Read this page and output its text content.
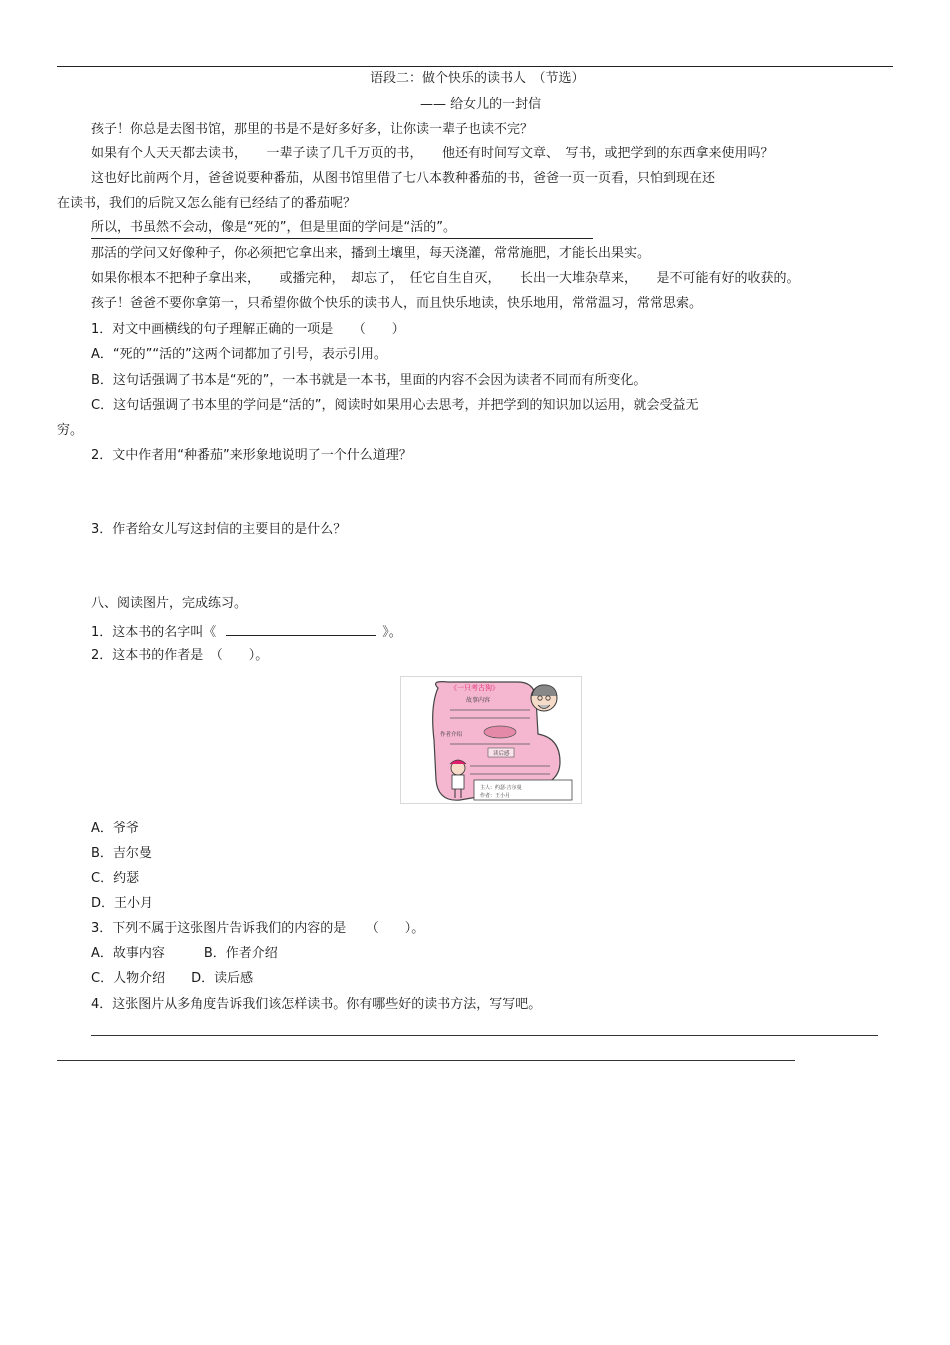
语段二：做个快乐的读书人　（节选）
—— 给女儿的一封信
孩子！你总是去图书馆，那里的书是不是好多好多，让你读一辈子也读不完？
如果有个人天天都去读书，　　一辈子读了几千万页的书，　　他还有时间写文章、　写书，或把学到的东西拿来使用吗？
这也好比前两个月，爸爸说要种番茄，从图书馆里借了七八本教种番茄的书，爸爸一页一页看，只怕到现在还
在读书，我们的后院又怎么能有已经结了的番茄呢？
所以，书虽然不会动，像是“死的”，但是里面的学问是“活的”。
那活的学问又好像种子，你必须把它拿出来，播到土壤里，每天浇灌，常常施肥，才能长出果实。
如果你根本不把种子拿出来，　　或播完种，　却忘了，　任它自生自灭，　　长出一大堆杂草来，　　是不可能有好的收获的。
孩子！爸爸不要你拿第一，只希望你做个快乐的读书人，而且快乐地读，快乐地用，常常温习，常常思索。
1．对文中画横线的句子理解正确的一项是　　（　　）
A．“死的”“活的”这两个词都加了引号，表示引用。
B．这句话强调了书本是“死的”，一本书就是一本书，里面的内容不会因为读者不同而有所变化。
C．这句话强调了书本里的学问是“活的”，阅读时如果用心去思考，并把学到的知识加以运用，就会受益无
穷。
2．文中作者用“种番茄”来形象地说明了一个什么道理？
3．作者给女儿写这封信的主要目的是什么？
八、阅读图片，完成练习。
1．这本书的名字叫《	》。
2．这本书的作者是　（　　）。
《一只考古狗》
故事内容
作者介绍
读后感
主人：约瑟·吉尔曼
作者：王小月
A．爷爷
B．吉尔曼
C．约瑟
D．王小月
3．下列不属于这张图片告诉我们的内容的是　　（　　）。
A．故事内容　　　B．作者介绍
C．人物介绍　　D．读后感
4．这张图片从多角度告诉我们该怎样读书。你有哪些好的读书方法，写写吧。
